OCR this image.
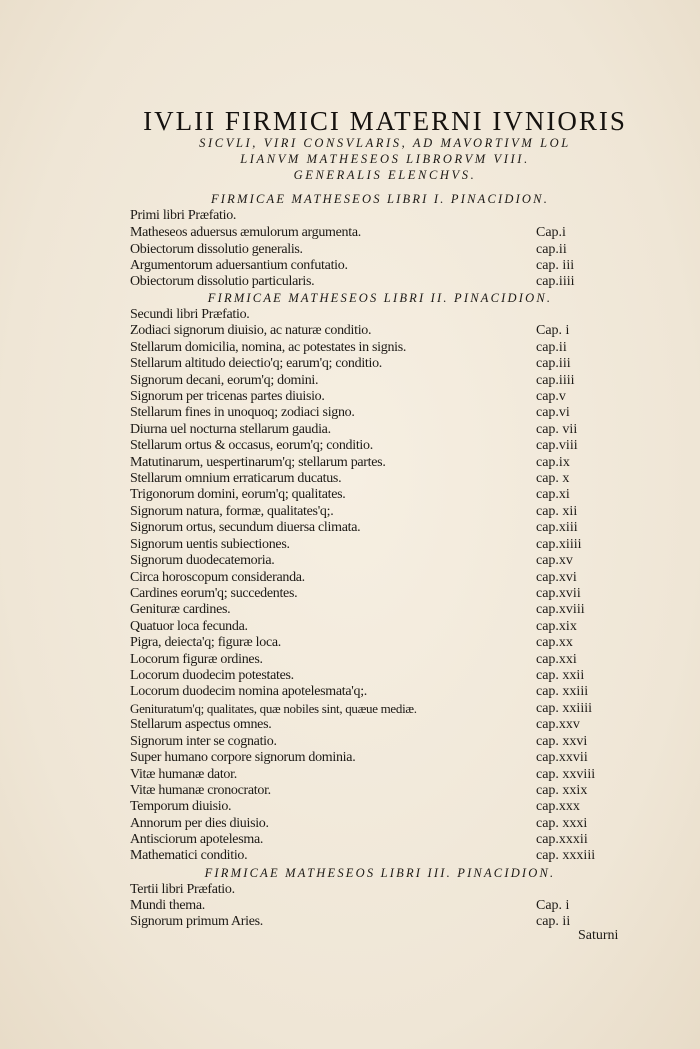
IVLII FIRMICI MATERNI IVNIORIS
SICVLI, VIRI CONSVLARIS, AD MAVORTIVM LOL
LIANVM MATHESEOS LIBRORVM VIII.
GENERALIS ELENCHVS.
FIRMICAE MATHESEOS LIBRI I. PINACIDION.
Primi libri Præfatio.
Matheseos aduersus æmulorum argumenta.	Cap.i
Obiectorum dissolutio generalis.	cap.ii
Argumentorum aduersantium confutatio.	cap. iii
Obiectorum dissolutio particularis.	cap.iiii
FIRMICAE MATHESEOS LIBRI II. PINACIDION.
Secundi libri Præfatio.
Zodiaci signorum diuisio, ac naturæ conditio.	Cap. i
Stellarum domicilia, nomina, ac potestates in signis.	cap.ii
Stellarum altitudo deiectio'q; earum'q; conditio.	cap.iii
Signorum decani, eorum'q; domini.	cap.iiii
Signorum per tricenas partes diuisio.	cap.v
Stellarum fines in unoquoq; zodiaci signo.	cap.vi
Diurna uel nocturna stellarum gaudia.	cap. vii
Stellarum ortus & occasus, eorum'q; conditio.	cap.viii
Matutinarum, uespertinarum'q; stellarum partes.	cap.ix
Stellarum omnium erraticarum ducatus.	cap. x
Trigonorum domini, eorum'q; qualitates.	cap.xi
Signorum natura, formæ, qualitates'q;.	cap. xii
Signorum ortus, secundum diuersa climata.	cap.xiii
Signorum uentis subiectiones.	cap.xiiii
Signorum duodecatemoria.	cap.xv
Circa horoscopum considerandа.	cap.xvi
Cardines eorum'q; succedentes.	cap.xvii
Genituræ cardines.	cap.xviii
Quatuor loca fecunda.	cap.xix
Pigra, deiecta'q; figuræ loca.	cap.xx
Locorum figuræ ordines.	cap.xxi
Locorum duodecim potestates.	cap. xxii
Locorum duodecim nomina apotelesmata'q;.	cap. xxiii
Genituratum'q; qualitates, quæ nobiles sint, quæue mediæ.	cap. xxiiii
Stellarum aspectus omnes.	cap.xxv
Signorum inter se cognatio.	cap. xxvi
Super humano corpore signorum dominia.	cap.xxvii
Vitæ humanæ dator.	cap. xxviii
Vitæ humanæ cronocrator.	cap. xxix
Temporum diuisio.	cap.xxx
Annorum per dies diuisio.	cap. xxxi
Antisciorum apotelesma.	cap.xxxii
Mathematici conditio.	cap. xxxiii
FIRMICAE MATHESEOS LIBRI III. PINACIDION.
Tertii libri Præfatio.
Mundi thema.	Cap. i
Signorum primum Aries.	cap. ii
Saturni
